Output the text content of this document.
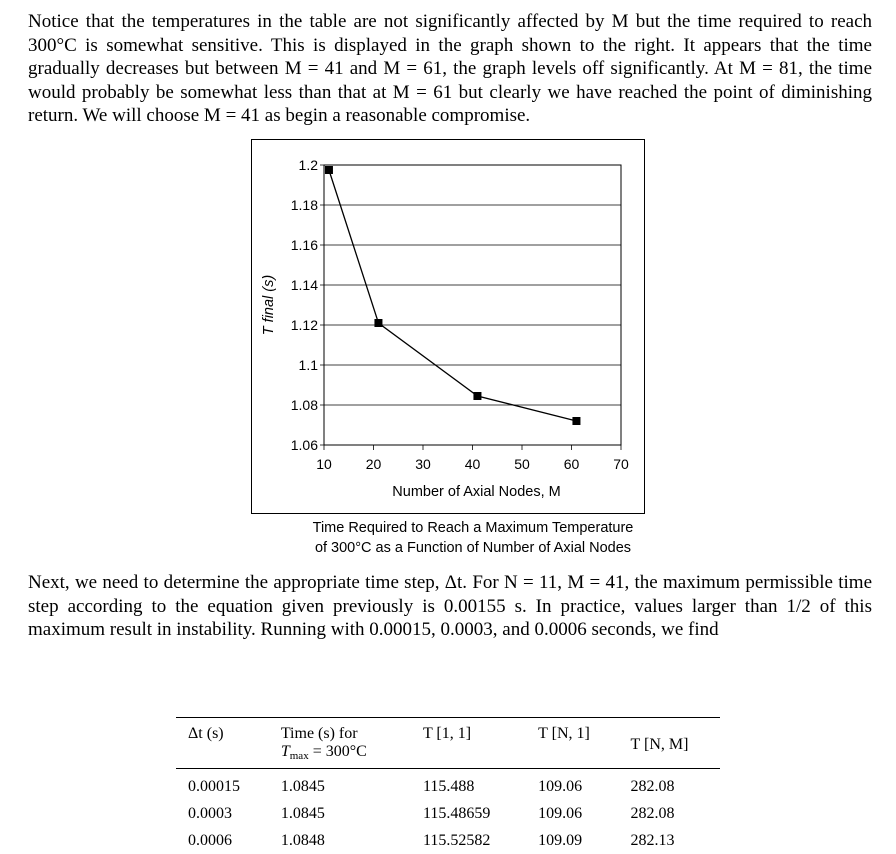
Notice that the temperatures in the table are not significantly affected by M but the time required to reach 300°C is somewhat sensitive. This is displayed in the graph shown to the right. It appears that the time gradually decreases but between M = 41 and M = 61, the graph levels off significantly. At M = 81, the time would probably be somewhat less than that at M = 61 but clearly we have reached the point of diminishing return. We will choose M = 41 as begin a reasonable compromise.

1.06
1.08
1.1
1.12
1.14
1.16
1.18
1.2
10 20 30 40 50 60 70
Number of Axial Nodes, M
T final (s)
Time Required to Reach a Maximum Temperature
of 300°C as a Function of Number of Axial Nodes

Next, we need to determine the appropriate time step, Δt. For N = 11, M = 41, the maximum permissible time step according to the equation given previously is 0.00155 s. In practice, values larger than 1/2 of this maximum result in instability. Running with 0.00015, 0.0003, and 0.0006 seconds, we find

Δt (s)	Time (s) for
$T_{max} = 300^\circ C$	T [1, 1]	T [N, 1]	T [N, M]
0.00015	1.0845	115.488	109.06	282.08
0.0003	1.0845	115.48659	109.06	282.08
0.0006	1.0848	115.52582	109.09	282.13
